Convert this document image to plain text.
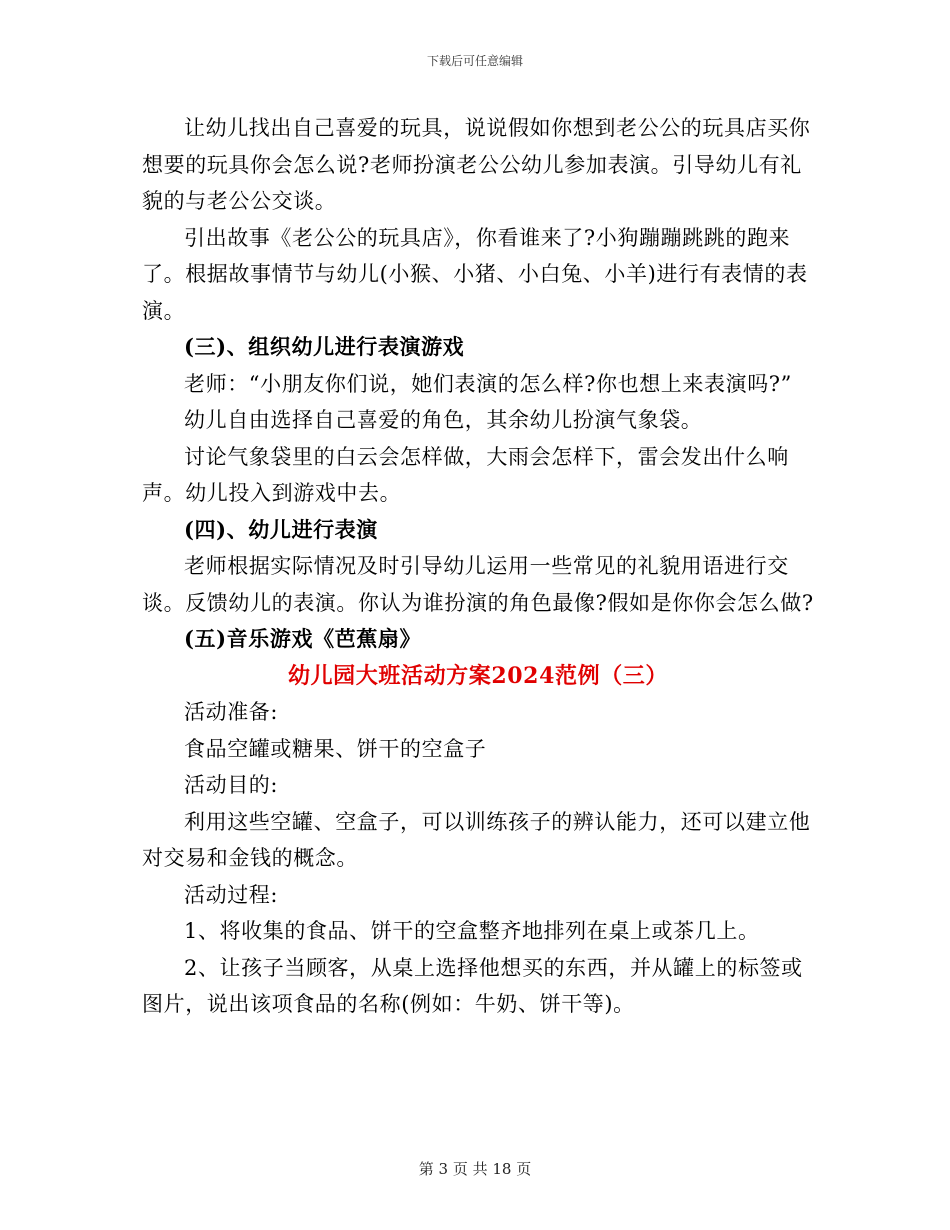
下载后可任意编辑

让幼儿找出自己喜爱的玩具，说说假如你想到老公公的玩具店买你想要的玩具你会怎么说?老师扮演老公公幼儿参加表演。引导幼儿有礼貌的与老公公交谈。

引出故事《老公公的玩具店》，你看谁来了?小狗蹦蹦跳跳的跑来了。根据故事情节与幼儿(小猴、小猪、小白兔、小羊)进行有表情的表演。

(三)、组织幼儿进行表演游戏

老师：“小朋友你们说，她们表演的怎么样?你也想上来表演吗?”

幼儿自由选择自己喜爱的角色，其余幼儿扮演气象袋。

讨论气象袋里的白云会怎样做，大雨会怎样下，雷会发出什么响声。幼儿投入到游戏中去。

(四)、幼儿进行表演

老师根据实际情况及时引导幼儿运用一些常见的礼貌用语进行交谈。反馈幼儿的表演。你认为谁扮演的角色最像?假如是你你会怎么做?

(五)音乐游戏《芭蕉扇》

幼儿园大班活动方案2024范例（三）

活动准备:

食品空罐或糖果、饼干的空盒子

活动目的:

利用这些空罐、空盒子，可以训练孩子的辨认能力，还可以建立他对交易和金钱的概念。

活动过程:

1、将收集的食品、饼干的空盒整齐地排列在桌上或茶几上。

2、让孩子当顾客，从桌上选择他想买的东西，并从罐上的标签或图片，说出该项食品的名称(例如：牛奶、饼干等)。

第 3 页 共 18 页
